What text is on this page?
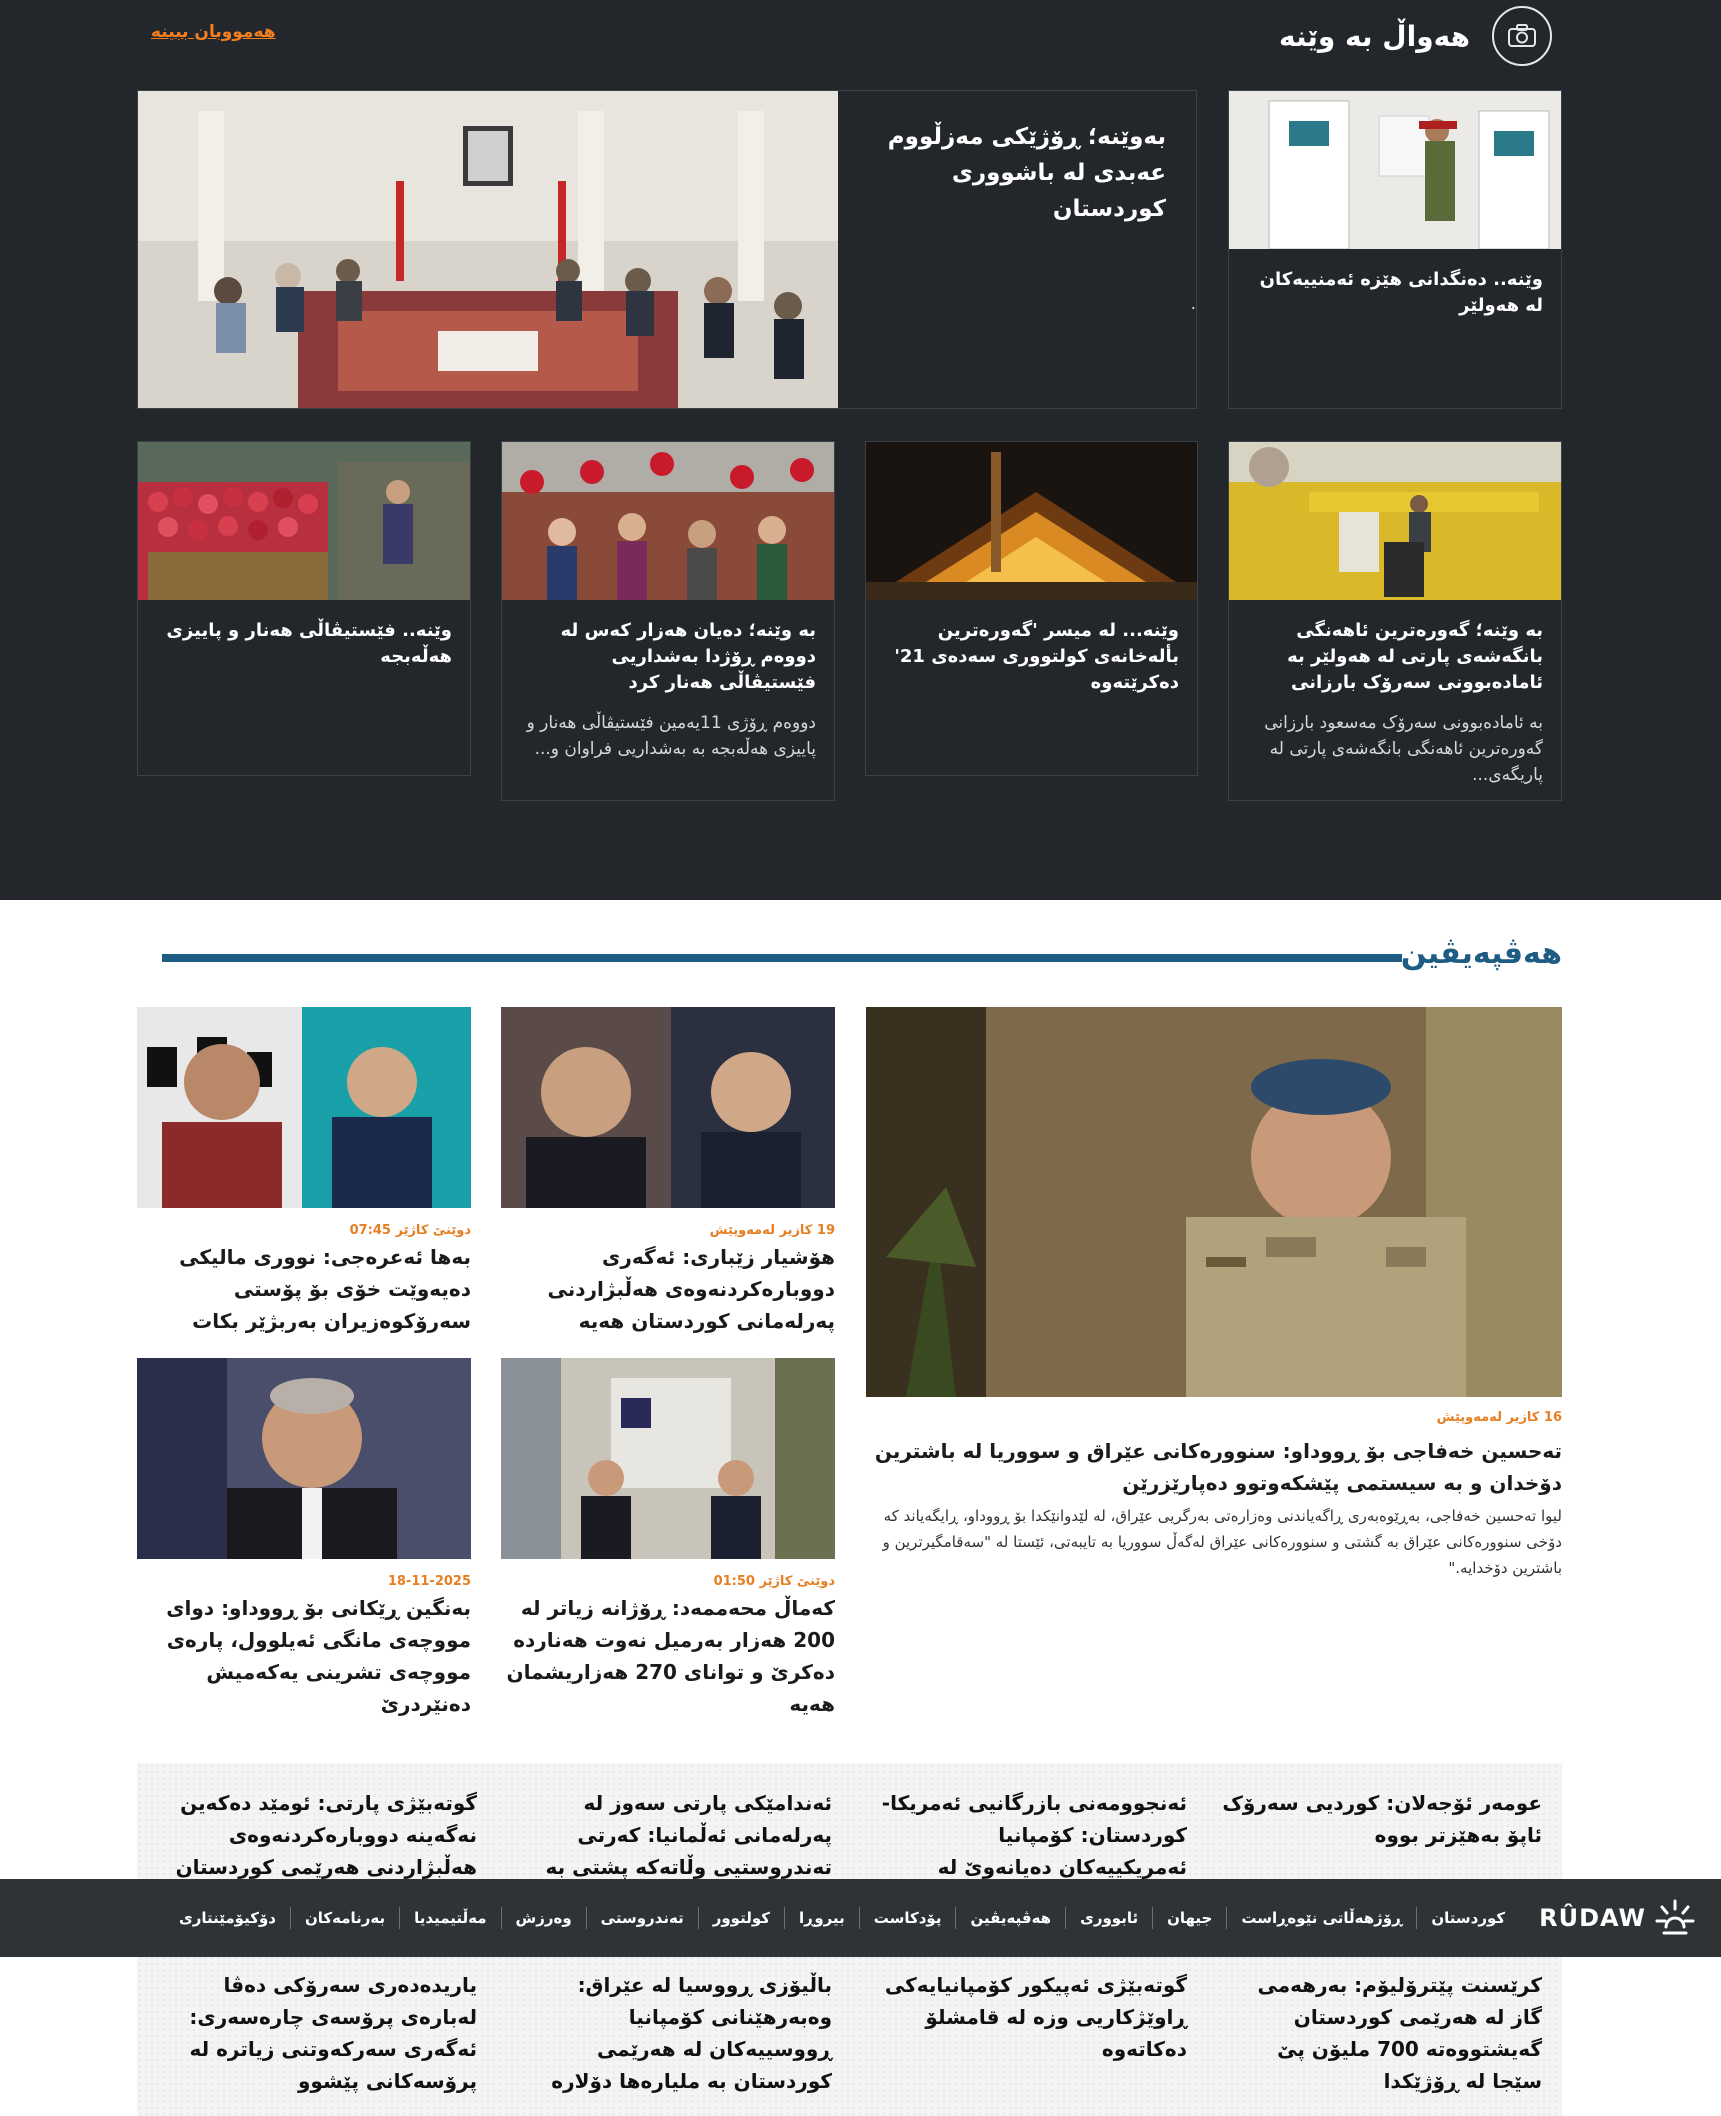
هەواڵ بە وێنە
هەمووبان ببینە
بەوێنە؛ ڕۆژێکی مەزڵووم عەبدی لە باشووری کوردستان
.
وێنە.. دەنگدانی هێزە ئەمنییەکان لە هەولێر
بە وێنە؛ گەورەترین ئاهەنگی بانگەشەی پارتی لە هەولێر بە ئامادەبوونی سەرۆک بارزانی
بە ئامادەبوونی سەرۆک مەسعود بارزانی گەورەترین ئاهەنگی بانگەشەی پارتی لە پاریگەی...
وێنە... لە میسر 'گەورەترین بألەخانەی کولتووری سەدەی 21' دەکرێتەوە
بە وێنە؛ دەیان هەزار کەس لە دووەم ڕۆژدا بەشداریی فێستیڤاڵی هەنار کرد
دووەم ڕۆژی 11یەمین فێستیڤاڵی هەنار و پاییزی هەڵەبجە بە بەشداریی فراوان و...
وێنە.. فێستیڤاڵی هەنار و پاییزی هەڵەبجە
هەڤپەیڤین
16 کازیر لەمەوپێش
تەحسین خەفاجی بۆ ڕووداو: سنوورەکانی عێراق و سووریا لە باشترین دۆخدان و بە سیستمی پێشکەوتوو دەپارێزرێن
لیوا تەحسین خەفاجی، بەڕێوەبەری ڕاگەیاندنی وەزارەتی بەرگریی عێراق، لە لێدوانێکدا بۆ ڕووداو، ڕایگەیاند کە دۆخی سنوورەکانی عێراق بە گشتی و سنوورەکانی عێراق لەگەڵ سووریا بە تایبەتی، ئێستا لە "سەقامگیرترین و باشترین دۆخدایە."
19 کازیر لەمەوپێش
هۆشیار زێباری: ئەگەری دووبارەکردنەوەی هەڵبژاردنی پەرلەمانی کوردستان هەیە
دوێنێ کاژێر 07:45
بەها ئەعرەجی: نووری مالیکی دەیەوێت خۆی بۆ پۆستی سەرۆکوەزیران بەربژێر بکات
دوێنێ کاژێر 01:50
کەماڵ محەممەد: ڕۆژانە زیاتر لە 200 هەزار بەرمیل نەوت هەناردە دەکرێ و توانای 270 هەزاریشمان هەیە
18-11-2025
بەنگین ڕێکانی بۆ ڕووداو: دوای مووچەی مانگی ئەیلوول، پارەی مووچەی تشرینی یەکەمیش دەنێردرێ
عومەر ئۆجەلان: کوردیی سەرۆک ئاپۆ بەهێزتر بووە
ئەنجوومەنی بازرگانیی ئەمریکا-کوردستان: کۆمپانیا ئەمریکییەکان دەیانەوێ لە
ئەندامێکی پارتی سەوز لە پەرلەمانی ئەڵمانیا: کەرتی تەندروستیی وڵاتەکە پشتی بە
گوتەبێژی پارتی: ئومێد دەکەین نەگەینە دووبارەکردنەوەی هەڵبژاردنی هەرێمی کوردستان
کرێسنت پێترۆلیۆم: بەرهەمی گاز لە هەرێمی کوردستان گەیشتووەتە 700 ملیۆن پێ سێجا لە ڕۆژێکدا
گوتەبێژی ئەپیکور کۆمپانیایەکی ڕاوێژکاریی وزە لە قامشلۆ دەکاتەوە
باڵیۆزی ڕووسیا لە عێراق: وەبەرهێنانی کۆمپانیا ڕووسییەکان لە هەرێمی کوردستان بە ملیارەها دۆلارە
یاریدەدەری سەرۆکی دەڤا لەبارەی پرۆسەی چارەسەری: ئەگەری سەرکەوتنی زیاترە لە پرۆسەکانی پێشوو
RÛDAW
کوردستان
ڕۆژهەڵاتی نێوەڕاست
جیهان
ئابووری
هەڤپەیڤین
پۆدکاست
بیروڕا
کولتوور
تەندروستی
وەرزش
مەڵتیمیدیا
بەرنامەکان
دۆکیۆمێنتاری
